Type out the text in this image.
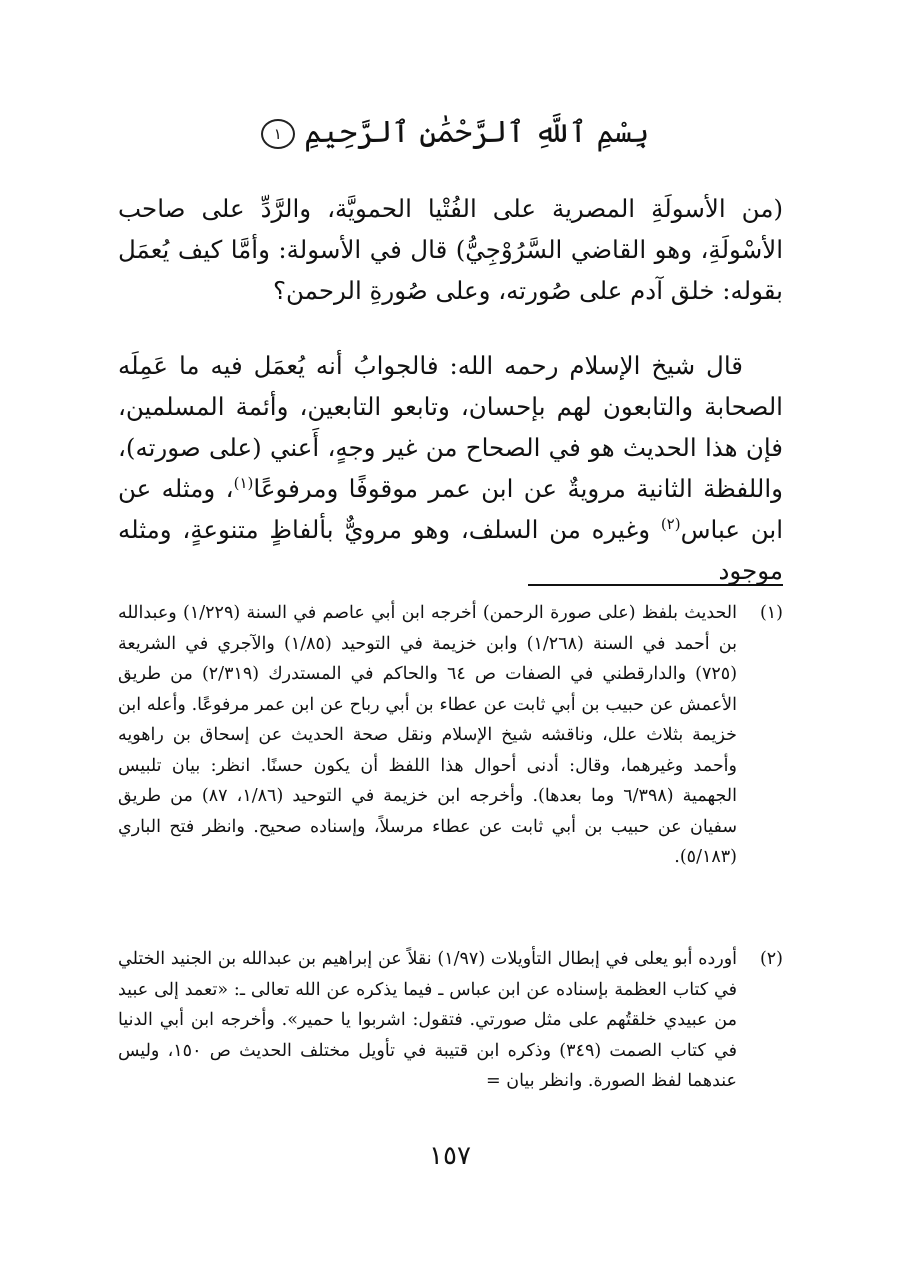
بِسْمِ ٱللَّهِ ٱلرَّحْمَٰنِ ٱلرَّحِيمِ ١
(من الأسولَةِ المصرية على الفُتْيا الحمويَّة، والرَّدِّ على صاحب الأسْولَةِ، وهو القاضي السَّرُوْجِيُّ) قال في الأسولة: وأمَّا كيف يُعمَل بقوله: خلق آدم على صُورته، وعلى صُورةِ الرحمن؟
قال شيخ الإسلام رحمه الله: فالجوابُ أنه يُعمَل فيه ما عَمِلَه الصحابة والتابعون لهم بإحسان، وتابعو التابعين، وأئمة المسلمين، فإن هذا الحديث هو في الصحاح من غير وجهٍ، أَعني (على صورته)، واللفظة الثانية مرويةٌ عن ابن عمر موقوفًا ومرفوعًا$^{(١)}$، ومثله عن ابن عباس$^{(٢)}$ وغيره من السلف، وهو مرويٌّ بألفاظٍ متنوعةٍ، ومثله موجود
(١)
الحديث بلفظ (على صورة الرحمن) أخرجه ابن أبي عاصم في السنة (١/٢٢٩) وعبدالله بن أحمد في السنة (١/٢٦٨) وابن خزيمة في التوحيد (١/٨٥) والآجري في الشريعة (٧٢٥) والدارقطني في الصفات ص ٦٤ والحاكم في المستدرك (٢/٣١٩) من طريق الأعمش عن حبيب بن أبي ثابت عن عطاء بن أبي رباح عن ابن عمر مرفوعًا. وأعله ابن خزيمة بثلاث علل، وناقشه شيخ الإسلام ونقل صحة الحديث عن إسحاق بن راهويه وأحمد وغيرهما، وقال: أدنى أحوال هذا اللفظ أن يكون حسنًا. انظر: بيان تلبيس الجهمية (٦/٣٩٨ وما بعدها). وأخرجه ابن خزيمة في التوحيد (١/٨٦، ٨٧) من طريق سفيان عن حبيب بن أبي ثابت عن عطاء مرسلاً، وإسناده صحيح. وانظر فتح الباري (٥/١٨٣).
(٢)
أورده أبو يعلى في إبطال التأويلات (١/٩٧) نقلاً عن إبراهيم بن عبدالله بن الجنيد الختلي في كتاب العظمة بإسناده عن ابن عباس ـ فيما يذكره عن الله تعالى ـ: «تعمد إلى عبيد من عبيدي خلقتُهم على مثل صورتي. فتقول: اشربوا يا حمير». وأخرجه ابن أبي الدنيا في كتاب الصمت (٣٤٩) وذكره ابن قتيبة في تأويل مختلف الحديث ص ١٥٠، وليس عندهما لفظ الصورة. وانظر بيان =
١٥٧
